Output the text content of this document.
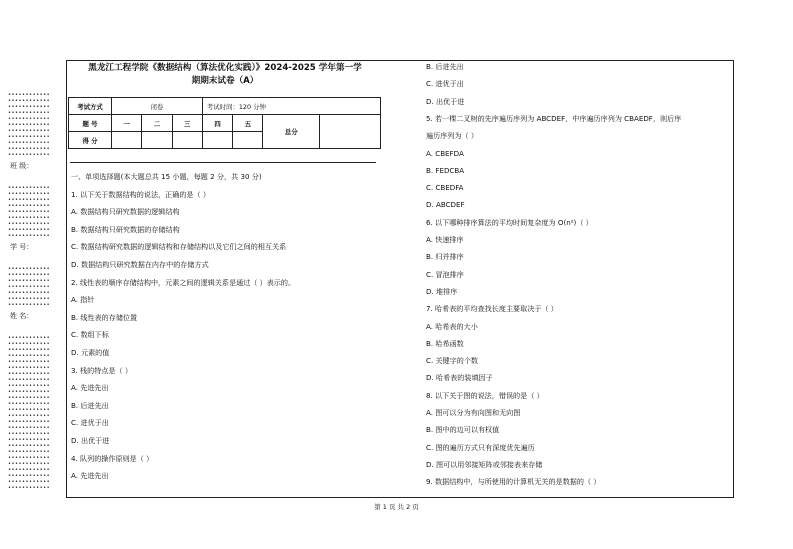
••••••••••••
••••••••••••
••••••••••••
••••••••••••
••••••••••••
••••••••••••
••••••••••••
••••••••••••
••••••••••••
••••••••••••
••••••••••••
班 级：
••••••••••••
••••••••••••
••••••••••••
••••••••••••
••••••••••••
••••••••••••
••••••••••••
••••••••••••
••••••••••••
学 号：
••••••••••••
••••••••••••
••••••••••••
••••••••••••
••••••••••••
••••••••••••
••••••••••••
姓 名：
••••••••••••
••••••••••••
••••••••••••
••••••••••••
••••••••••••
••••••••••••
••••••••••••
••••••••••••
••••••••••••
••••••••••••
••••••••••••
••••••••••••
••••••••••••
••••••••••••
••••••••••••
••••••••••••
••••••••••••
••••••••••••
••••••••••••
••••••••••••
••••••••••••
••••••••••••
••••••••••••
••••••••••••
••••••••••••
••••••••••••
黑龙江工程学院《数据结构（算法优化实践）》2024-2025 学年第一学
期期末试卷（A）
考试方式	闭卷			考试时间：120 分钟			
题 号	一	二	三	四	五	总分	
得 分							
一、单项选择题(本大题总共 15 小题，每题 2 分，共 30 分)
1. 以下关于数据结构的说法，正确的是（ ）
A. 数据结构只研究数据的逻辑结构
B. 数据结构只研究数据的存储结构
C. 数据结构研究数据的逻辑结构和存储结构以及它们之间的相互关系
D. 数据结构只研究数据在内存中的存储方式
2. 线性表的顺序存储结构中，元素之间的逻辑关系是通过（ ）表示的。
A. 指针
B. 线性表的存储位置
C. 数组下标
D. 元素的值
3. 栈的特点是（ ）
A. 先进先出
B. 后进先出
C. 进优于出
D. 出优于进
4. 队列的操作原则是（ ）
A. 先进先出
B. 后进先出
C. 进优于出
D. 出优于进
5. 若一棵二叉树的先序遍历序列为 ABCDEF，中序遍历序列为 CBAEDF，则后序
遍历序列为（ ）
A. CBEFDA
B. FEDCBA
C. CBEDFA
D. ABCDEF
6. 以下哪种排序算法的平均时间复杂度为 O(n²)（ ）
A. 快速排序
B. 归并排序
C. 冒泡排序
D. 堆排序
7. 哈希表的平均查找长度主要取决于（ ）
A. 哈希表的大小
B. 哈希函数
C. 关键字的个数
D. 哈希表的装填因子
8. 以下关于图的说法，错误的是（ ）
A. 图可以分为有向图和无向图
B. 图中的边可以有权值
C. 图的遍历方式只有深度优先遍历
D. 图可以用邻接矩阵或邻接表来存储
9. 数据结构中，与所使用的计算机无关的是数据的（ ）
第 1 页 共 2 页
